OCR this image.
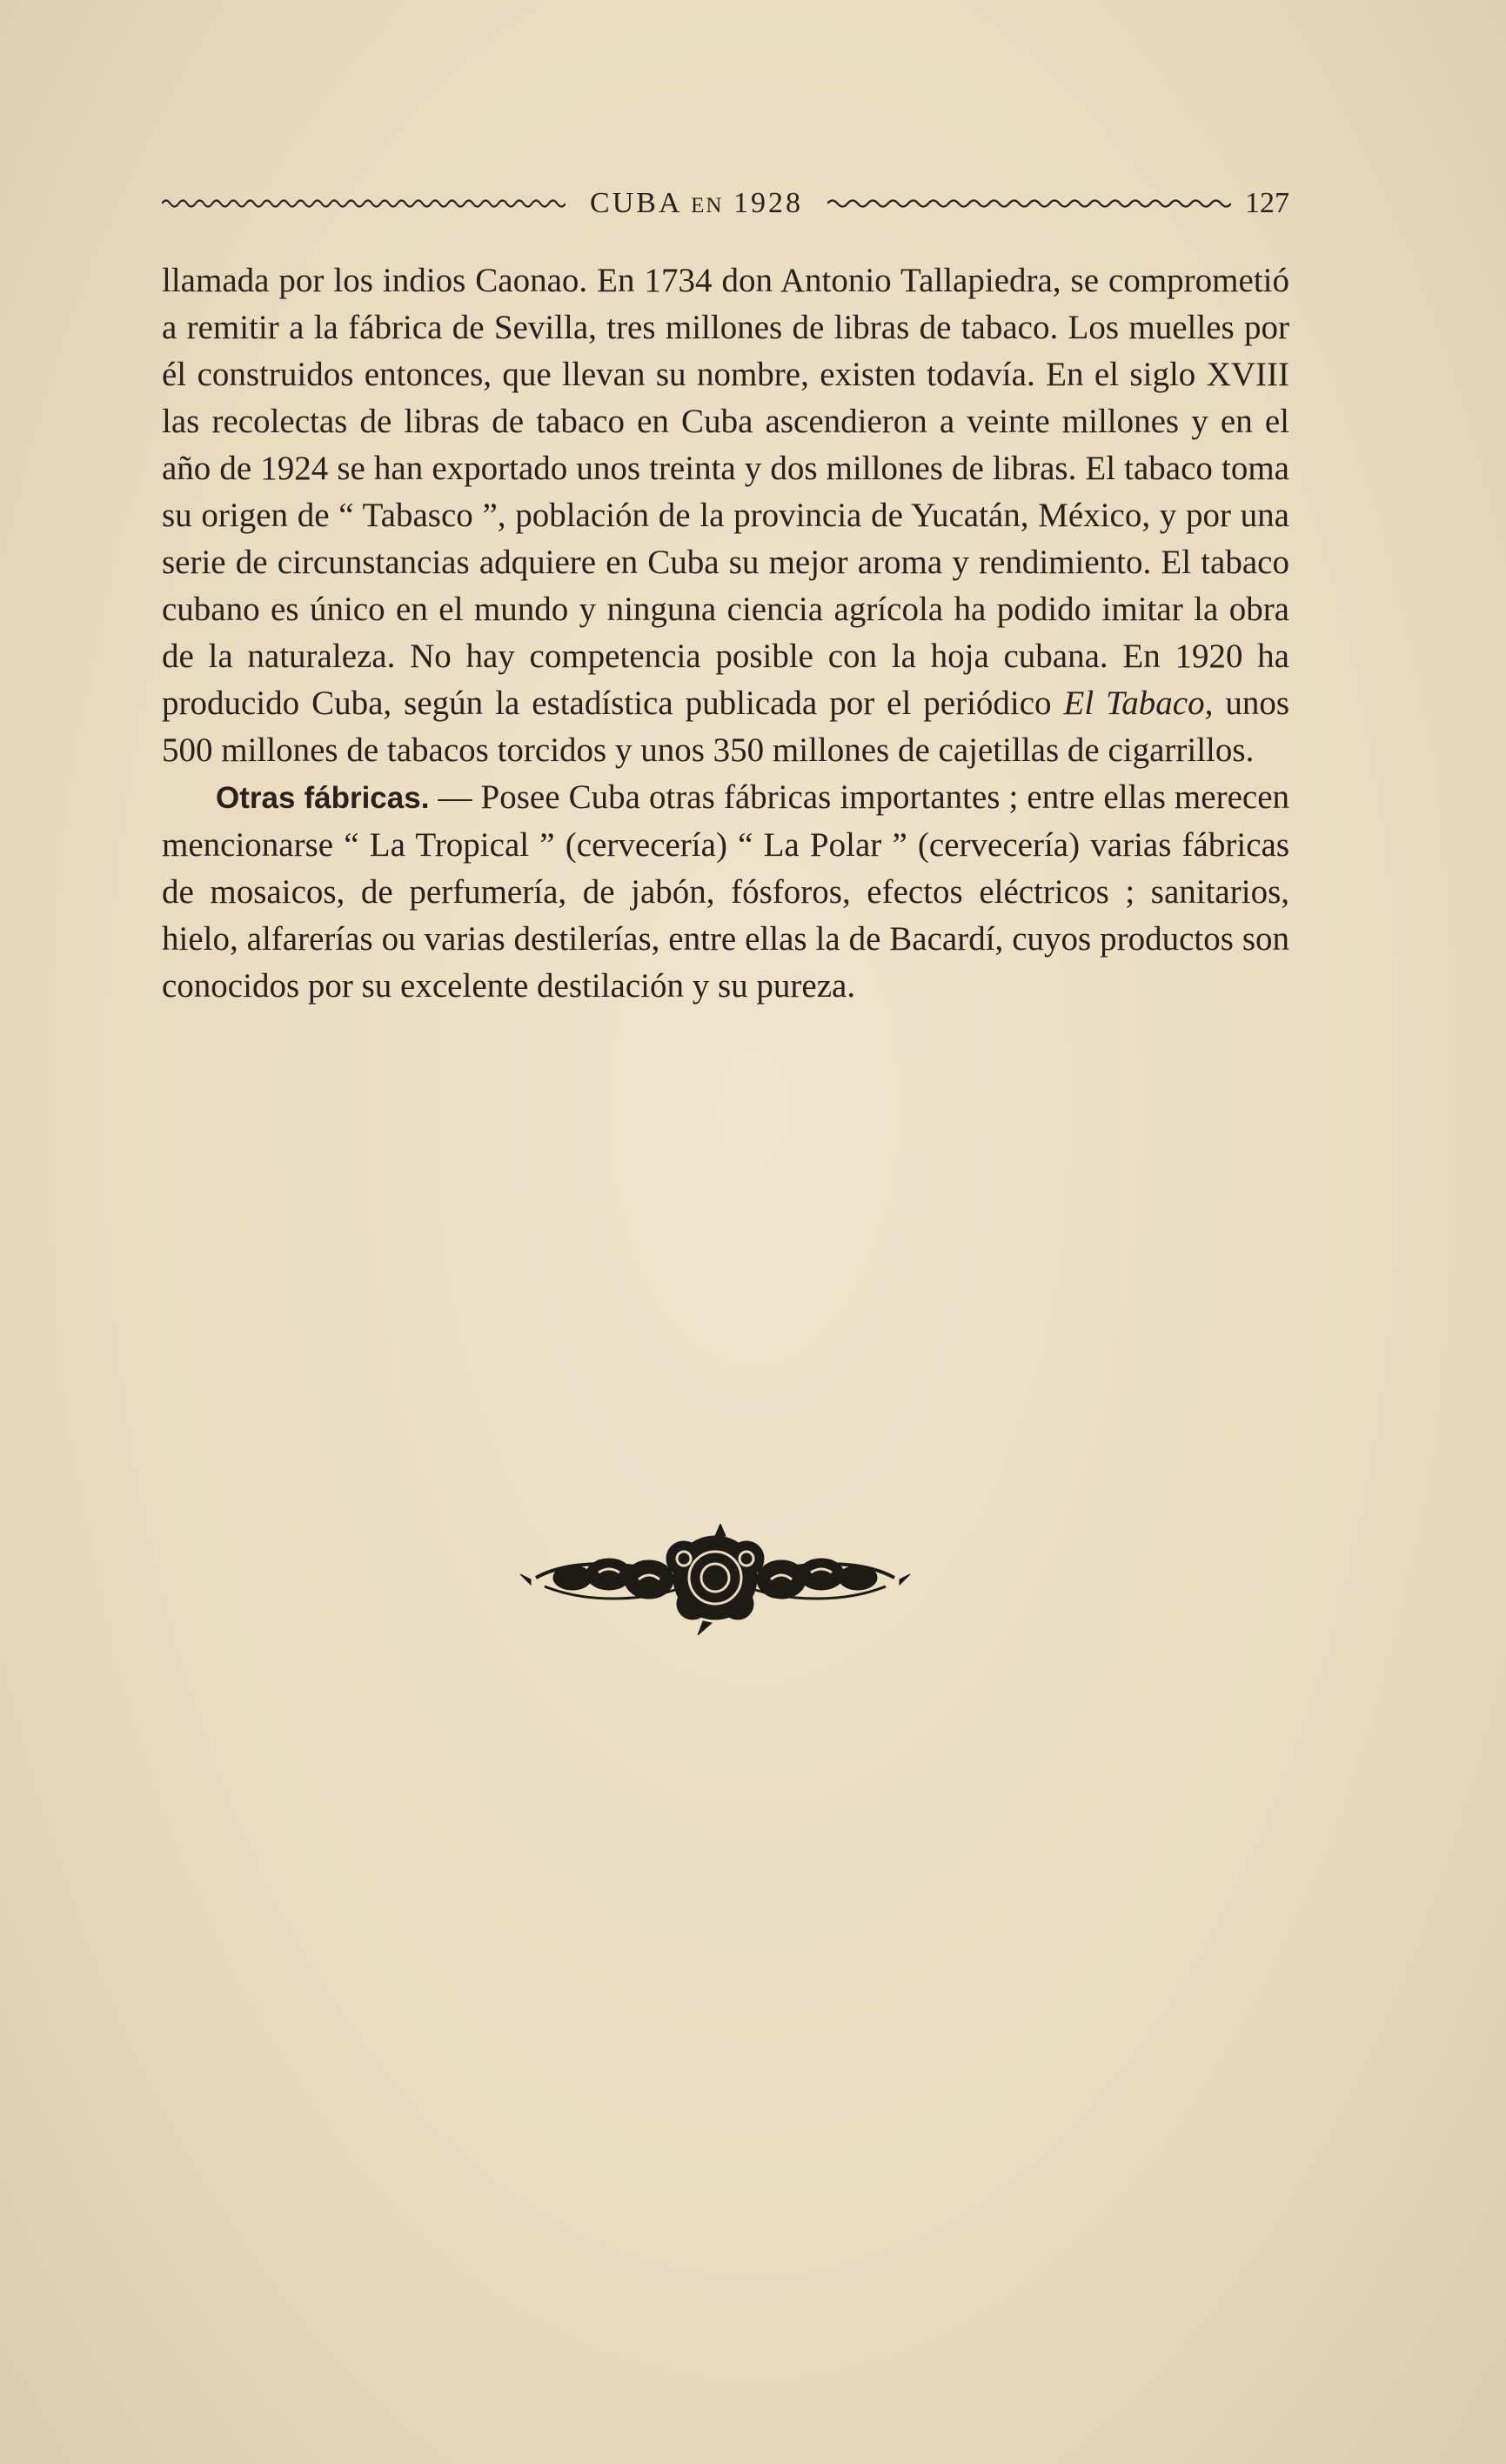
CUBA EN 1928	127

llamada por los indios Caonao. En 1734 don Antonio Tallapiedra, se comprometió a remitir a la fábrica de Sevilla, tres millones de libras de tabaco. Los muelles por él construidos entonces, que llevan su nombre, existen todavía. En el siglo XVIII las recolectas de libras de tabaco en Cuba ascendieron a veinte millones y en el año de 1924 se han exportado unos treinta y dos millones de libras. El tabaco toma su origen de “ Tabasco ”, población de la provincia de Yucatán, México, y por una serie de circunstancias adquiere en Cuba su mejor aroma y rendimiento. El tabaco cubano es único en el mundo y ninguna ciencia agrícola ha podido imitar la obra de la naturaleza. No hay competencia posible con la hoja cubana. En 1920 ha producido Cuba, según la estadística publicada por el periódico El Tabaco, unos 500 millones de tabacos torcidos y unos 350 millones de cajetillas de cigarrillos.

Otras fábricas. — Posee Cuba otras fábricas importantes ; entre ellas merecen mencionarse “ La Tropical ” (cervecería) “ La Polar ” (cervecería) varias fábricas de mosaicos, de perfumería, de jabón, fósforos, efectos eléctricos ; sanitarios, hielo, alfarerías ou varias destilerías, entre ellas la de Bacardí, cuyos productos son conocidos por su excelente destilación y su pureza.
